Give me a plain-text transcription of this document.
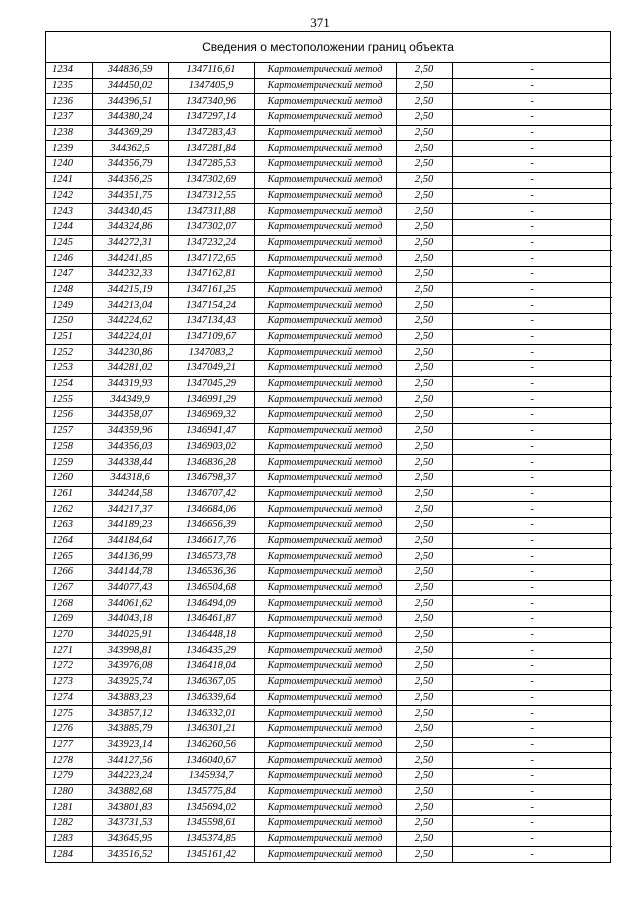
371
Сведения о местоположении границ объекта
1234	344836,59	1347116,61	Картометрический метод	2,50	-
1235	344450,02	1347405,9	Картометрический метод	2,50	-
1236	344396,51	1347340,96	Картометрический метод	2,50	-
1237	344380,24	1347297,14	Картометрический метод	2,50	-
1238	344369,29	1347283,43	Картометрический метод	2,50	-
1239	344362,5	1347281,84	Картометрический метод	2,50	-
1240	344356,79	1347285,53	Картометрический метод	2,50	-
1241	344356,25	1347302,69	Картометрический метод	2,50	-
1242	344351,75	1347312,55	Картометрический метод	2,50	-
1243	344340,45	1347311,88	Картометрический метод	2,50	-
1244	344324,86	1347302,07	Картометрический метод	2,50	-
1245	344272,31	1347232,24	Картометрический метод	2,50	-
1246	344241,85	1347172,65	Картометрический метод	2,50	-
1247	344232,33	1347162,81	Картометрический метод	2,50	-
1248	344215,19	1347161,25	Картометрический метод	2,50	-
1249	344213,04	1347154,24	Картометрический метод	2,50	-
1250	344224,62	1347134,43	Картометрический метод	2,50	-
1251	344224,01	1347109,67	Картометрический метод	2,50	-
1252	344230,86	1347083,2	Картометрический метод	2,50	-
1253	344281,02	1347049,21	Картометрический метод	2,50	-
1254	344319,93	1347045,29	Картометрический метод	2,50	-
1255	344349,9	1346991,29	Картометрический метод	2,50	-
1256	344358,07	1346969,32	Картометрический метод	2,50	-
1257	344359,96	1346941,47	Картометрический метод	2,50	-
1258	344356,03	1346903,02	Картометрический метод	2,50	-
1259	344338,44	1346836,28	Картометрический метод	2,50	-
1260	344318,6	1346798,37	Картометрический метод	2,50	-
1261	344244,58	1346707,42	Картометрический метод	2,50	-
1262	344217,37	1346684,06	Картометрический метод	2,50	-
1263	344189,23	1346656,39	Картометрический метод	2,50	-
1264	344184,64	1346617,76	Картометрический метод	2,50	-
1265	344136,99	1346573,78	Картометрический метод	2,50	-
1266	344144,78	1346536,36	Картометрический метод	2,50	-
1267	344077,43	1346504,68	Картометрический метод	2,50	-
1268	344061,62	1346494,09	Картометрический метод	2,50	-
1269	344043,18	1346461,87	Картометрический метод	2,50	-
1270	344025,91	1346448,18	Картометрический метод	2,50	-
1271	343998,81	1346435,29	Картометрический метод	2,50	-
1272	343976,08	1346418,04	Картометрический метод	2,50	-
1273	343925,74	1346367,05	Картометрический метод	2,50	-
1274	343883,23	1346339,64	Картометрический метод	2,50	-
1275	343857,12	1346332,01	Картометрический метод	2,50	-
1276	343885,79	1346301,21	Картометрический метод	2,50	-
1277	343923,14	1346260,56	Картометрический метод	2,50	-
1278	344127,56	1346040,67	Картометрический метод	2,50	-
1279	344223,24	1345934,7	Картометрический метод	2,50	-
1280	343882,68	1345775,84	Картометрический метод	2,50	-
1281	343801,83	1345694,02	Картометрический метод	2,50	-
1282	343731,53	1345598,61	Картометрический метод	2,50	-
1283	343645,95	1345374,85	Картометрический метод	2,50	-
1284	343516,52	1345161,42	Картометрический метод	2,50	-
